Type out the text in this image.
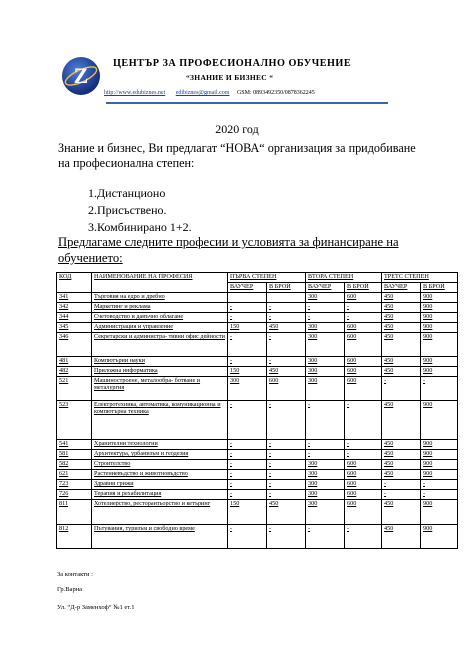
Z ЦЕНТЪР ЗА ПРОФЕСИОНАЛНО ОБУЧЕНИЕ
“ЗНАНИЕ И БИЗНЕС “
http://www.edubiznes.net edibiznes@gmail.com GSM: 0893492350/0878362245
2020 год
Знание и бизнес, Ви предлагат “НОВА“ организация за придобиване на професионална степен:
1.Дистанционо
2.Присъствено.
3.Комбинирано 1+2.
Предлагаме следните професии и условията за финансиране на обучението:
КОД	НАИМЕНОВАНИЕ НА ПРОФЕСИЯ	ПЪРВА СТЕПЕН		ВТОРА СТЕПЕН		ТРЕТС СТЕПЕН	
		ВАУЧЕР	В БРОЙ	ВАУЧЕР	В БРОЙ	ВАУЧЕР	В БРОЙ
341	Търговия на едро и дребно			300	600	450	900
342	Маркетинг и реклама	-	-	-	-	450	900
344	Счетоводство и данъчно облагане	-	-	-	-	450	900
345	Администрация и управление	150	450	300	600	450	900
346	Секретарски и администра- тивни офис дейности	-	-	300	600	450	900
481	Компютърни науки	-	-	300	600	450	900
482	Приложна информатика	150	450	300	600	450	900
521	Машиностроене, металообра- ботване и металургия	300	600	300	600	-	-
523	Електротехника, автоматика, комуникационна и компютърна техника	-	-	-	-	450	900
541	Хранителни технологии	-	-	-	-	450	900
581	Архитектура, урбанизъм и геодезия	-	-	-	-	450	900
582	Строителство	-	-	300	600	450	900
621	Растениевъдство и животновъдство	-	-	300	600	450	900
723	Здравни грижи	-	-	300	600	-	-
726	Терапия и рехабилитация	-	-	300	600	-	-
811	Хотелиерство, ресторантьорство и кетъринг	150	450	300	600	450	900
812	Пътувания, туризъм и свободно време	-	-	-	-	450	900
За контакти :
Гр.Варна
Ул. “Д-р Заменхоф“ №1 ет.1
